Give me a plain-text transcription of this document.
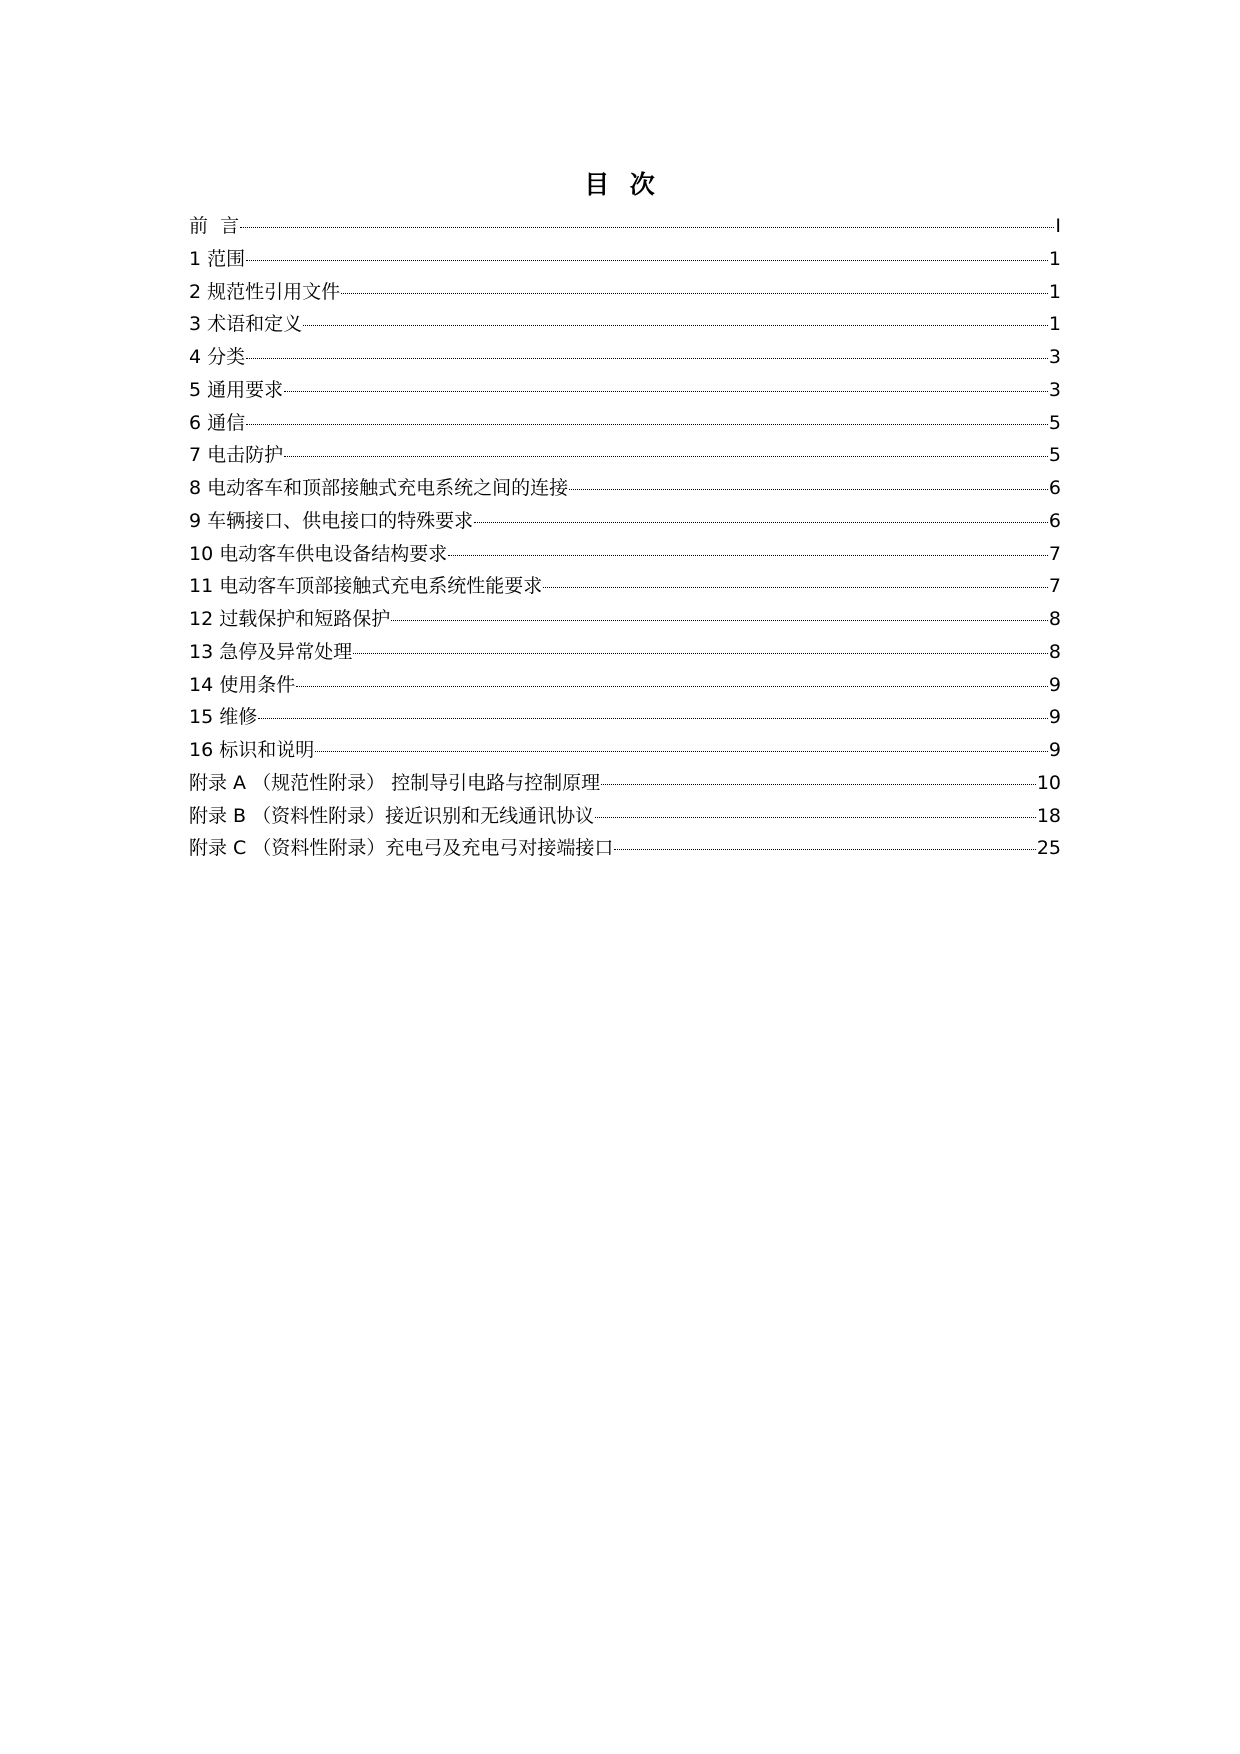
目  次
前  言	I
1 范围	1
2 规范性引用文件	1
3 术语和定义	1
4 分类	3
5 通用要求	3
6 通信	5
7 电击防护	5
8 电动客车和顶部接触式充电系统之间的连接	6
9 车辆接口、供电接口的特殊要求	6
10 电动客车供电设备结构要求	7
11 电动客车顶部接触式充电系统性能要求	7
12 过载保护和短路保护	8
13 急停及异常处理	8
14 使用条件	9
15 维修	9
16 标识和说明	9
附录 A （规范性附录） 控制导引电路与控制原理	10
附录 B （资料性附录）接近识别和无线通讯协议	18
附录 C （资料性附录）充电弓及充电弓对接端接口	25
